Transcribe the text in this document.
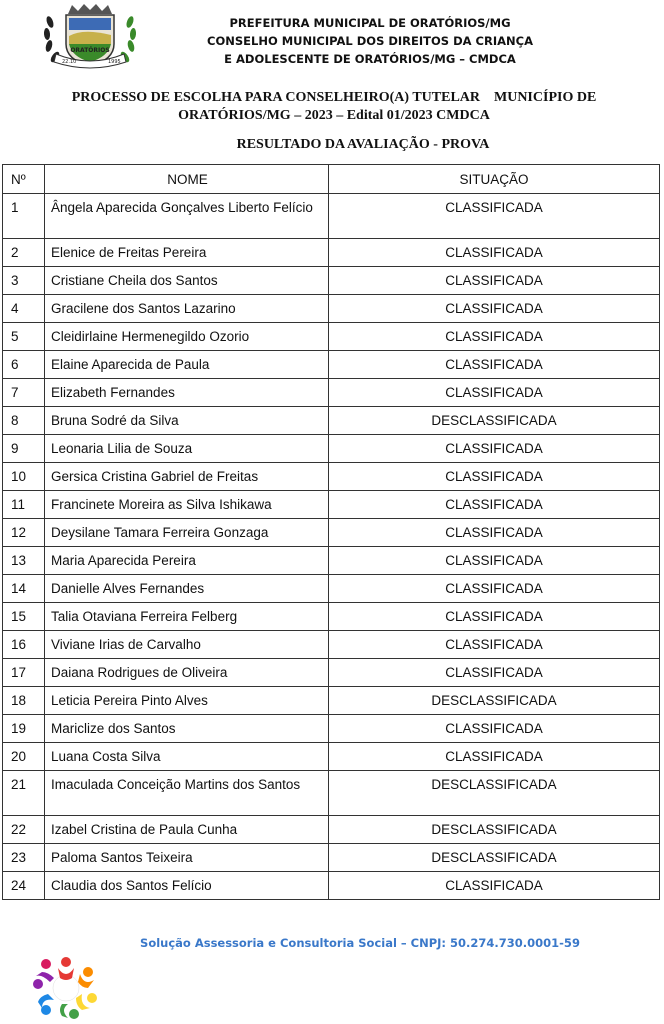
ORATÓRIOS
22.10	1995
PREFEITURA MUNICIPAL DE ORATÓRIOS/MG
CONSELHO MUNICIPAL DOS DIREITOS DA CRIANÇA
E ADOLESCENTE DE ORATÓRIOS/MG – CMDCA
PROCESSO DE ESCOLHA PARA CONSELHEIRO(A) TUTELAR    MUNICÍPIO DE
ORATÓRIOS/MG – 2023 – Edital 01/2023 CMDCA
RESULTADO DA AVALIAÇÃO - PROVA
Nº	NOME	SITUAÇÃO
1	Ângela Aparecida Gonçalves Liberto Felício	CLASSIFICADA
2	Elenice de Freitas Pereira	CLASSIFICADA
3	Cristiane Cheila dos Santos	CLASSIFICADA
4	Gracilene dos Santos Lazarino	CLASSIFICADA
5	Cleidirlaine Hermenegildo Ozorio	CLASSIFICADA
6	Elaine Aparecida de Paula	CLASSIFICADA
7	Elizabeth Fernandes	CLASSIFICADA
8	Bruna Sodré da Silva	DESCLASSIFICADA
9	Leonaria Lilia de Souza	CLASSIFICADA
10	Gersica Cristina Gabriel de Freitas	CLASSIFICADA
11	Francinete Moreira as Silva Ishikawa	CLASSIFICADA
12	Deysilane Tamara Ferreira Gonzaga	CLASSIFICADA
13	Maria Aparecida Pereira	CLASSIFICADA
14	Danielle Alves Fernandes	CLASSIFICADA
15	Talia Otaviana Ferreira Felberg	CLASSIFICADA
16	Viviane Irias de Carvalho	CLASSIFICADA
17	Daiana Rodrigues de Oliveira	CLASSIFICADA
18	Leticia Pereira Pinto Alves	DESCLASSIFICADA
19	Mariclize dos Santos	CLASSIFICADA
20	Luana Costa Silva	CLASSIFICADA
21	Imaculada Conceição Martins dos Santos	DESCLASSIFICADA
22	Izabel Cristina de Paula Cunha	DESCLASSIFICADA
23	Paloma Santos Teixeira	DESCLASSIFICADA
24	Claudia dos Santos Felício	CLASSIFICADA
Solução Assessoria e Consultoria Social – CNPJ: 50.274.730.0001-59
